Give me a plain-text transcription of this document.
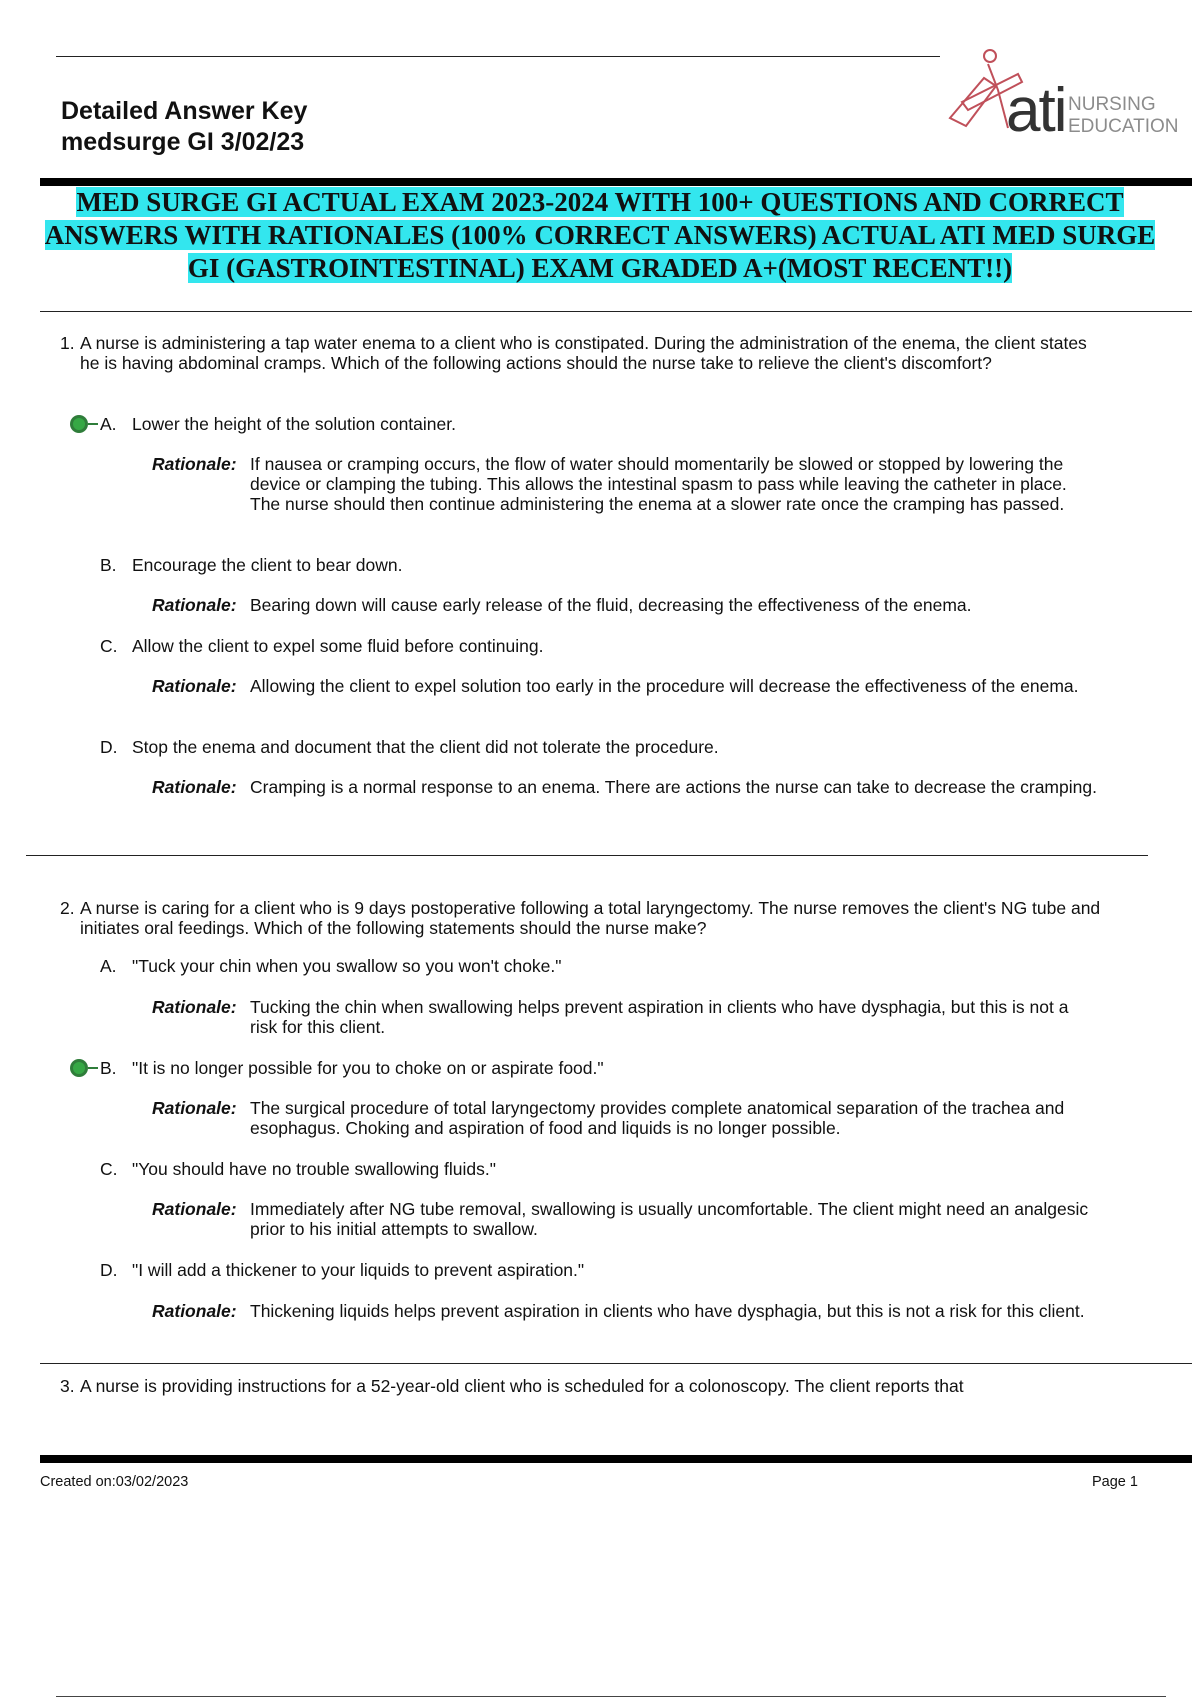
Detailed Answer Key
medsurge GI 3/02/23	ati NURSING
EDUCATION
MED SURGE GI ACTUAL EXAM 2023-2024 WITH 100+ QUESTIONS AND CORRECT ANSWERS WITH RATIONALES (100% CORRECT ANSWERS) ACTUAL ATI MED SURGE GI (GASTROINTESTINAL) EXAM GRADED A+(MOST RECENT!!)
1. A nurse is administering a tap water enema to a client who is constipated. During the administration of the enema, the client states he is having abdominal cramps. Which of the following actions should the nurse take to relieve the client's discomfort?
A. Lower the height of the solution container.
Rationale: If nausea or cramping occurs, the flow of water should momentarily be slowed or stopped by lowering the device or clamping the tubing. This allows the intestinal spasm to pass while leaving the catheter in place. The nurse should then continue administering the enema at a slower rate once the cramping has passed.
B. Encourage the client to bear down.
Rationale: Bearing down will cause early release of the fluid, decreasing the effectiveness of the enema.
C. Allow the client to expel some fluid before continuing.
Rationale: Allowing the client to expel solution too early in the procedure will decrease the effectiveness of the enema.
D. Stop the enema and document that the client did not tolerate the procedure.
Rationale: Cramping is a normal response to an enema. There are actions the nurse can take to decrease the cramping.
2. A nurse is caring for a client who is 9 days postoperative following a total laryngectomy. The nurse removes the client's NG tube and initiates oral feedings. Which of the following statements should the nurse make?
A. "Tuck your chin when you swallow so you won't choke."
Rationale: Tucking the chin when swallowing helps prevent aspiration in clients who have dysphagia, but this is not a risk for this client.
B. "It is no longer possible for you to choke on or aspirate food."
Rationale: The surgical procedure of total laryngectomy provides complete anatomical separation of the trachea and esophagus. Choking and aspiration of food and liquids is no longer possible.
C. "You should have no trouble swallowing fluids."
Rationale: Immediately after NG tube removal, swallowing is usually uncomfortable. The client might need an analgesic prior to his initial attempts to swallow.
D. "I will add a thickener to your liquids to prevent aspiration."
Rationale: Thickening liquids helps prevent aspiration in clients who have dysphagia, but this is not a risk for this client.
3. A nurse is providing instructions for a 52-year-old client who is scheduled for a colonoscopy. The client reports that
Created on:03/02/2023	Page 1
